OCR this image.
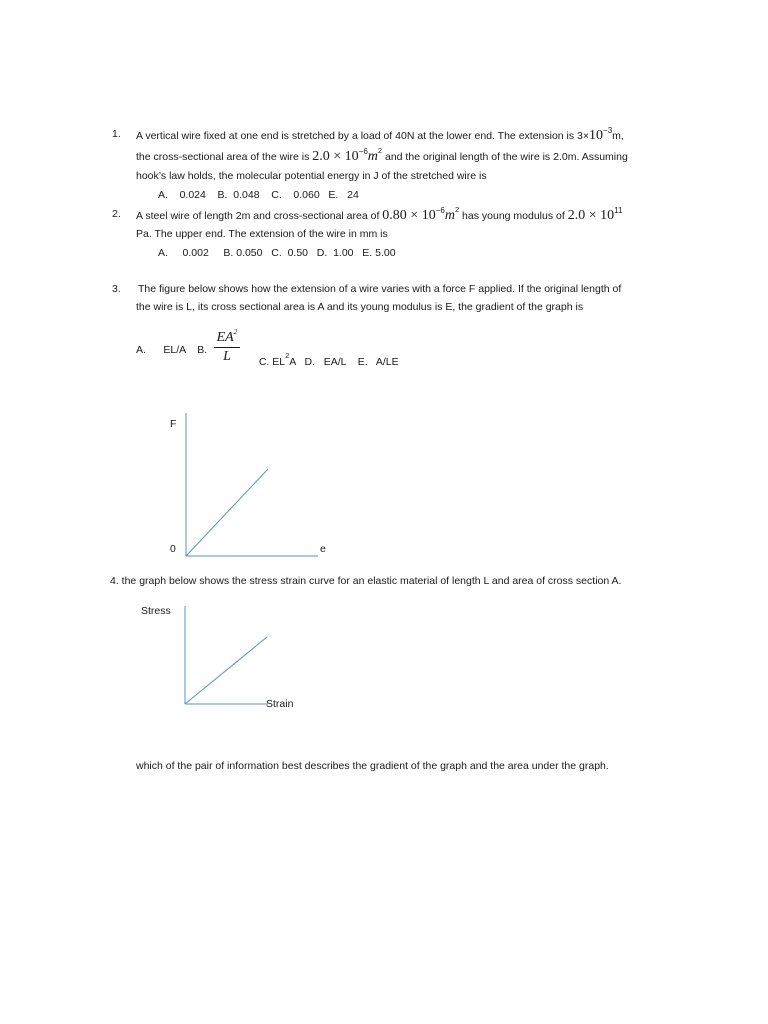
1. A vertical wire fixed at one end is stretched by a load of 40N at the lower end. The extension is $3\times 10^{-3}m$,
the cross-sectional area of the wire is $2.0 \times 10^{-6}m^2$ and the original length of the wire is 2.0m. Assuming
hook’s law holds, the molecular potential energy in J of the stretched wire is
A.    0.024    B.  0.048    C.    0.060   E.   24
2. A steel wire of length 2m and cross-sectional area of $0.80 \times 10^{-6}m^2$ has young modulus of $2.0 \times 10^{11}$
Pa. The upper end. The extension of the wire in mm is
A.     0.002     B. 0.050   C.  0.50   D.  1.00   E. 5.00
3. The figure below shows how the extension of a wire varies with a force F applied. If the original length of
the wire is L, its cross sectional area is A and its young modulus is E, the gradient of the graph is
A.      EL/A    B.
$EA^2$
L	C. $EL^2A$   D.   EA/L    E.   A/LE

F
0	e
4. the graph below shows the stress strain curve for an elastic material of length L and area of cross section A.
Stress
Strain
which of the pair of information best describes the gradient of the graph and the area under the graph.
